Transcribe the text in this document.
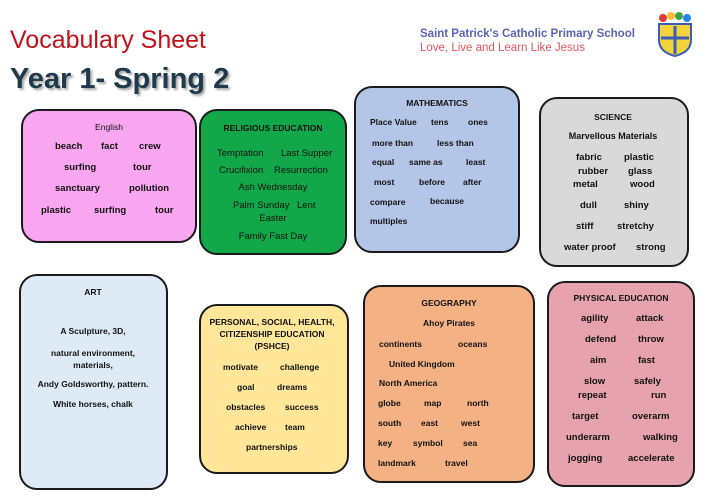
Vocabulary Sheet
Year 1- Spring 2
Saint Patrick's Catholic Primary School
Love, Live and Learn Like Jesus
English
beach fact crew
surfing	tour
sanctuary	pollution
plastic surfing	tour
RELIGIOUS EDUCATION
Temptation Last Supper
Crucifixion Resurrection
Ash Wednesday
Palm Sunday Lent
Easter
Family Fast Day
MATHEMATICS
Place Value tens ones
more than	less than
equal same as	least
most	before after
compare	because
multiples
SCIENCE
Marvellous Materials
fabric plastic
rubber glass
metal	wood
dull	shiny
stiff stretchy
water proof strong
ART
A Sculpture, 3D,
natural environment,
materials,
Andy Goldsworthy, pattern.
White horses, chalk
PERSONAL, SOCIAL, HEALTH,
CITIZENSHIP EDUCATION
(PSHCE)
motivate	challenge
goal	dreams
obstacles success
achieve team
partnerships
GEOGRAPHY
Ahoy Pirates
continents	oceans
United Kingdom
North America
globe	map	north
south east	west
key symbol sea
landmark	travel
PHYSICAL EDUCATION
agility	attack
defend throw
aim	fast
slow	safely
repeat	run
target	overarm
underarm	walking
jogging	accelerate
